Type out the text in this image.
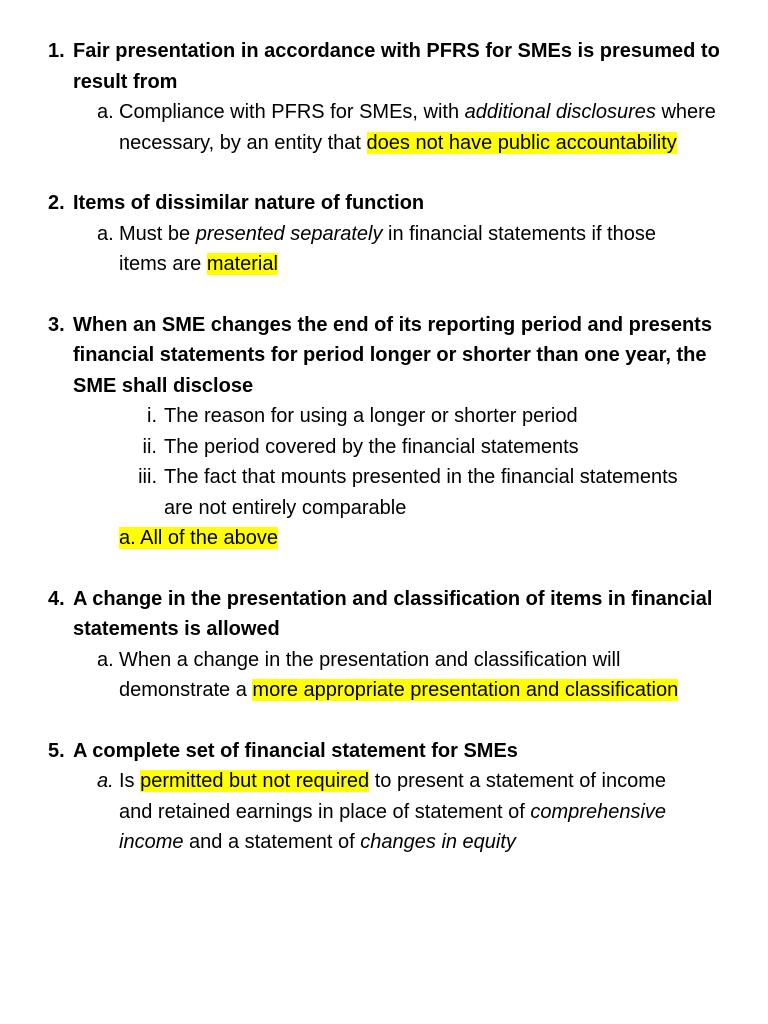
1. Fair presentation in accordance with PFRS for SMEs is presumed to
result from
a. Compliance with PFRS for SMEs, with additional disclosures where
necessary, by an entity that does not have public accountability
2. Items of dissimilar nature of function
a. Must be presented separately in financial statements if those
items are material
3. When an SME changes the end of its reporting period and presents
financial statements for period longer or shorter than one year, the
SME shall disclose
i. The reason for using a longer or shorter period
ii. The period covered by the financial statements
iii. The fact that mounts presented in the financial statements
are not entirely comparable
a. All of the above
4. A change in the presentation and classification of items in financial
statements is allowed
a. When a change in the presentation and classification will
demonstrate a more appropriate presentation and classification
5. A complete set of financial statement for SMEs
a. Is permitted but not required to present a statement of income
and retained earnings in place of statement of comprehensive
income and a statement of changes in equity
